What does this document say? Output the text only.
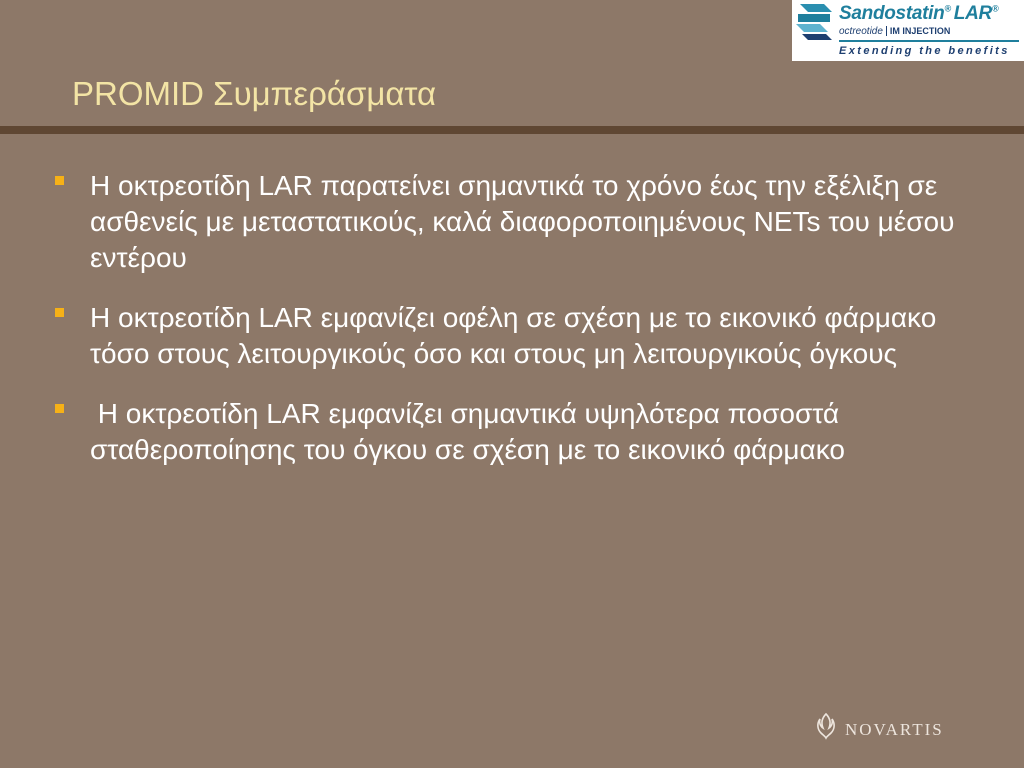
Sandostatin® LAR®
octreotide IM INJECTION
Extending the benefits
PROMID Συμπεράσματα
Η οκτρεοτίδη LAR παρατείνει σημαντικά το χρόνο έως την εξέλιξη σε ασθενείς με μεταστατικούς, καλά διαφοροποιημένους NETs του μέσου εντέρου
Η οκτρεοτίδη LAR εμφανίζει οφέλη σε σχέση με το εικονικό φάρμακο τόσο στους λειτουργικούς όσο και στους μη λειτουργικούς όγκους
Η οκτρεοτίδη LAR εμφανίζει σημαντικά υψηλότερα ποσοστά σταθεροποίησης του όγκου σε σχέση με το εικονικό φάρμακο
NOVARTIS
